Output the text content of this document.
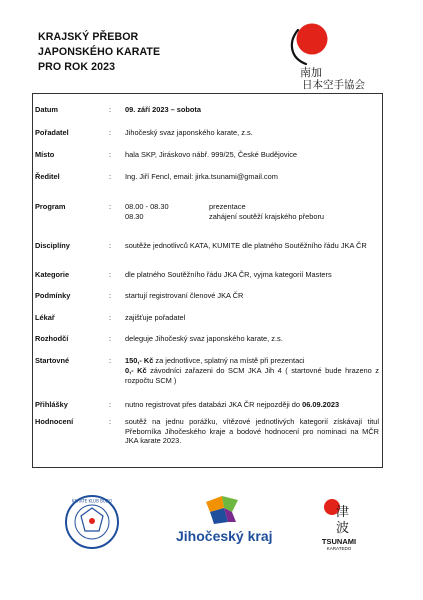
KRAJSKÝ PŘEBOR
JAPONSKÉHO KARATE
PRO ROK 2023	南加
日本空手協会
Datum	: 09. září 2023 – sobota
Pořadatel	: Jihočeský svaz japonského karate, z.s.
Místo	: hala SKP, Jiráskovo nábř. 999/25, České Budějovice
Ředitel	: Ing. Jiří Fencl, email: jirka.tsunami@gmail.com
Program	: 08.00 - 08.30	prezentace
08.30	zahájení soutěží krajského přeboru
Disciplíny	: soutěže jednotlivců KATA, KUMITE dle platného Soutěžního řádu JKA ČR
Kategorie	: dle platného Soutěžního řádu JKA ČR, vyjma kategorií Masters
Podmínky	: startují registrovaní členové JKA ČR
Lékař	: zajišťuje pořadatel
Rozhodčí	: deleguje Jihočeský svaz japonského karate, z.s.
Startovné	: 150,- Kč za jednotlivce, splatný na místě při prezentaci
0,- Kč závodníci zařazeni do SCM JKA Jih 4 ( startovné bude hrazeno z rozpočtu SCM )
Přihlášky	: nutno registrovat přes databázi JKA ČR nejpozději do 06.09.2023
Hodnocení	: soutěž na jednu porážku, vítězové jednotlivých kategorií získávají titul Přeborníka Jihočeského kraje a bodové hodnocení pro nominaci na MČR JKA karate 2023.
KARATE KLUB BUDO
Jihočeský kraj
津
波
TSUNAMI
KARATEDO
